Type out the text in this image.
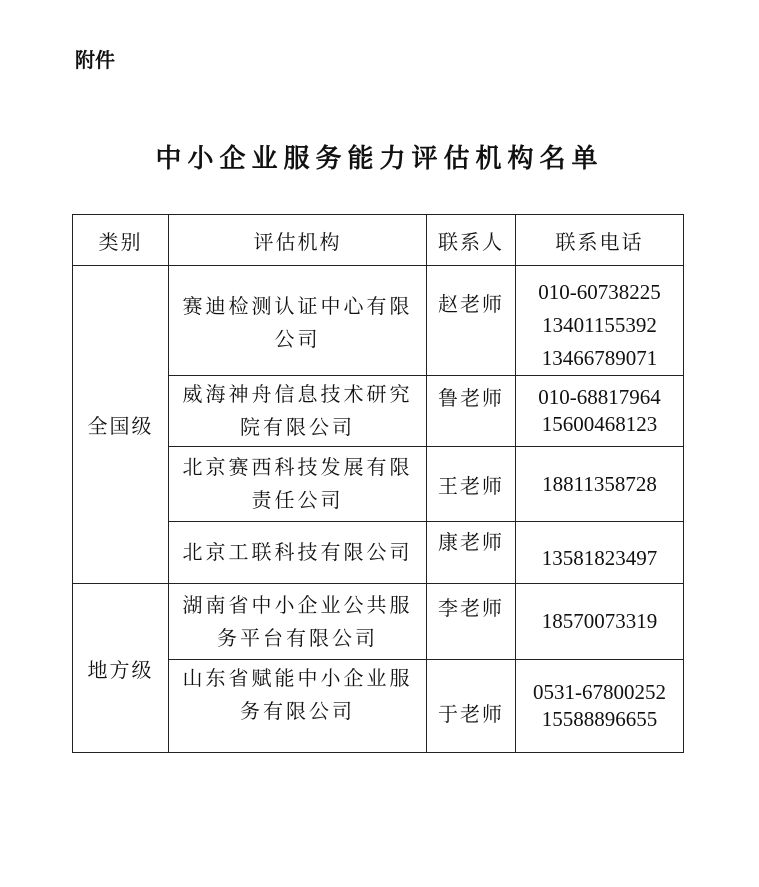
附件
中小企业服务能力评估机构名单
类别	评估机构	联系人	联系电话
全国级	赛迪检测认证中心有限
公司	赵老师	010-60738225
13401155392
13466789071

	威海神舟信息技术研究
院有限公司	鲁老师	010-68817964
15600468123

	北京赛西科技发展有限
责任公司	王老师	18811358728

	北京工联科技有限公司	康老师	13581823497

地方级	湖南省中小企业公共服
务平台有限公司	李老师	18570073319

	山东省赋能中小企业服
务有限公司	于老师	0531-67800252
15588896655
